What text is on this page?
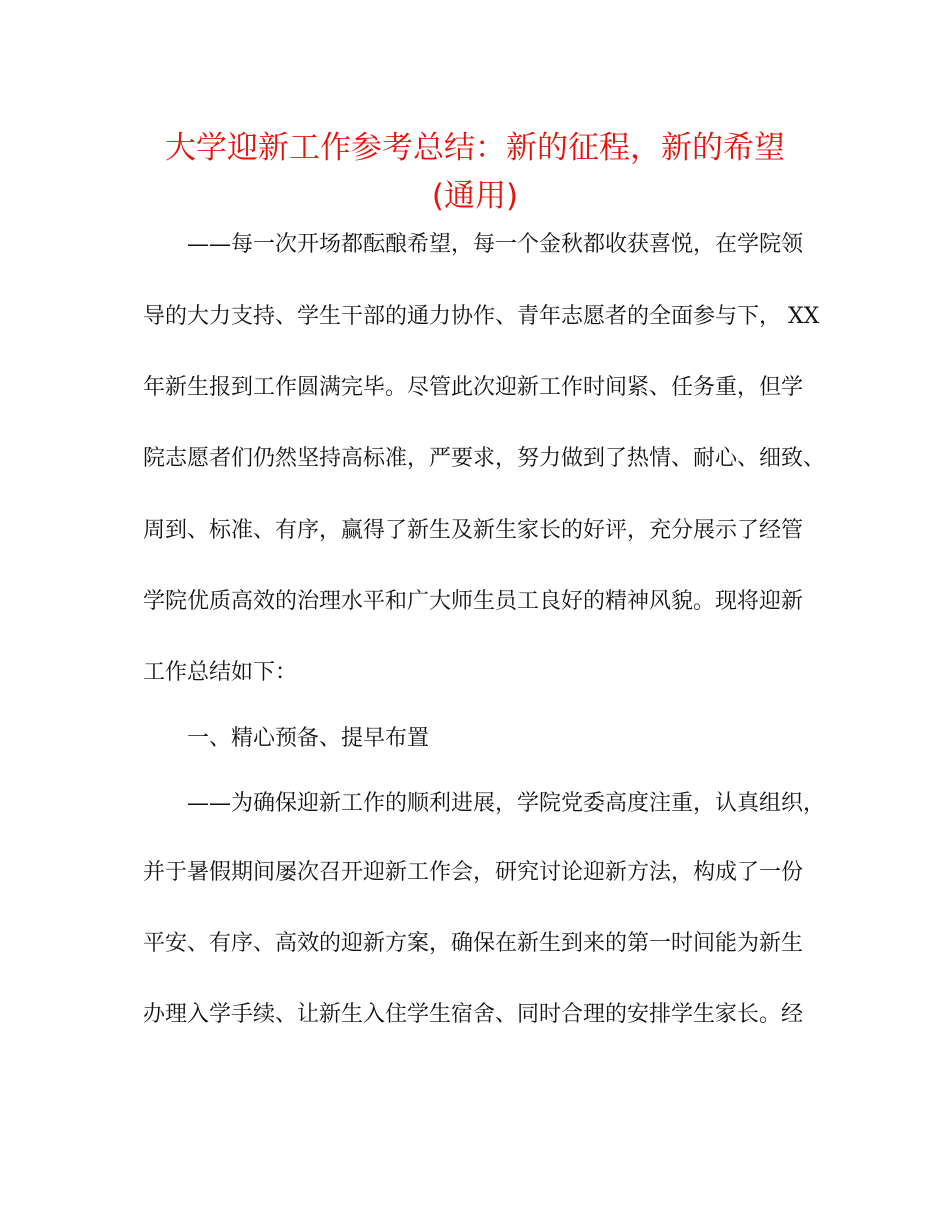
大学迎新工作参考总结：新的征程，新的希望
(通用)

——每一次开场都酝酿希望，每一个金秋都收获喜悦，在学院领

导的大力支持、学生干部的通力协作、青年志愿者的全面参与下， XX

年新生报到工作圆满完毕。尽管此次迎新工作时间紧、任务重，但学

院志愿者们仍然坚持高标准，严要求，努力做到了热情、耐心、细致、

周到、标准、有序，赢得了新生及新生家长的好评，充分展示了经管

学院优质高效的治理水平和广大师生员工良好的精神风貌。现将迎新

工作总结如下：

一、精心预备、提早布置

——为确保迎新工作的顺利进展，学院党委高度注重，认真组织，

并于暑假期间屡次召开迎新工作会，研究讨论迎新方法，构成了一份

平安、有序、高效的迎新方案，确保在新生到来的第一时间能为新生

办理入学手续、让新生入住学生宿舍、同时合理的安排学生家长。经
